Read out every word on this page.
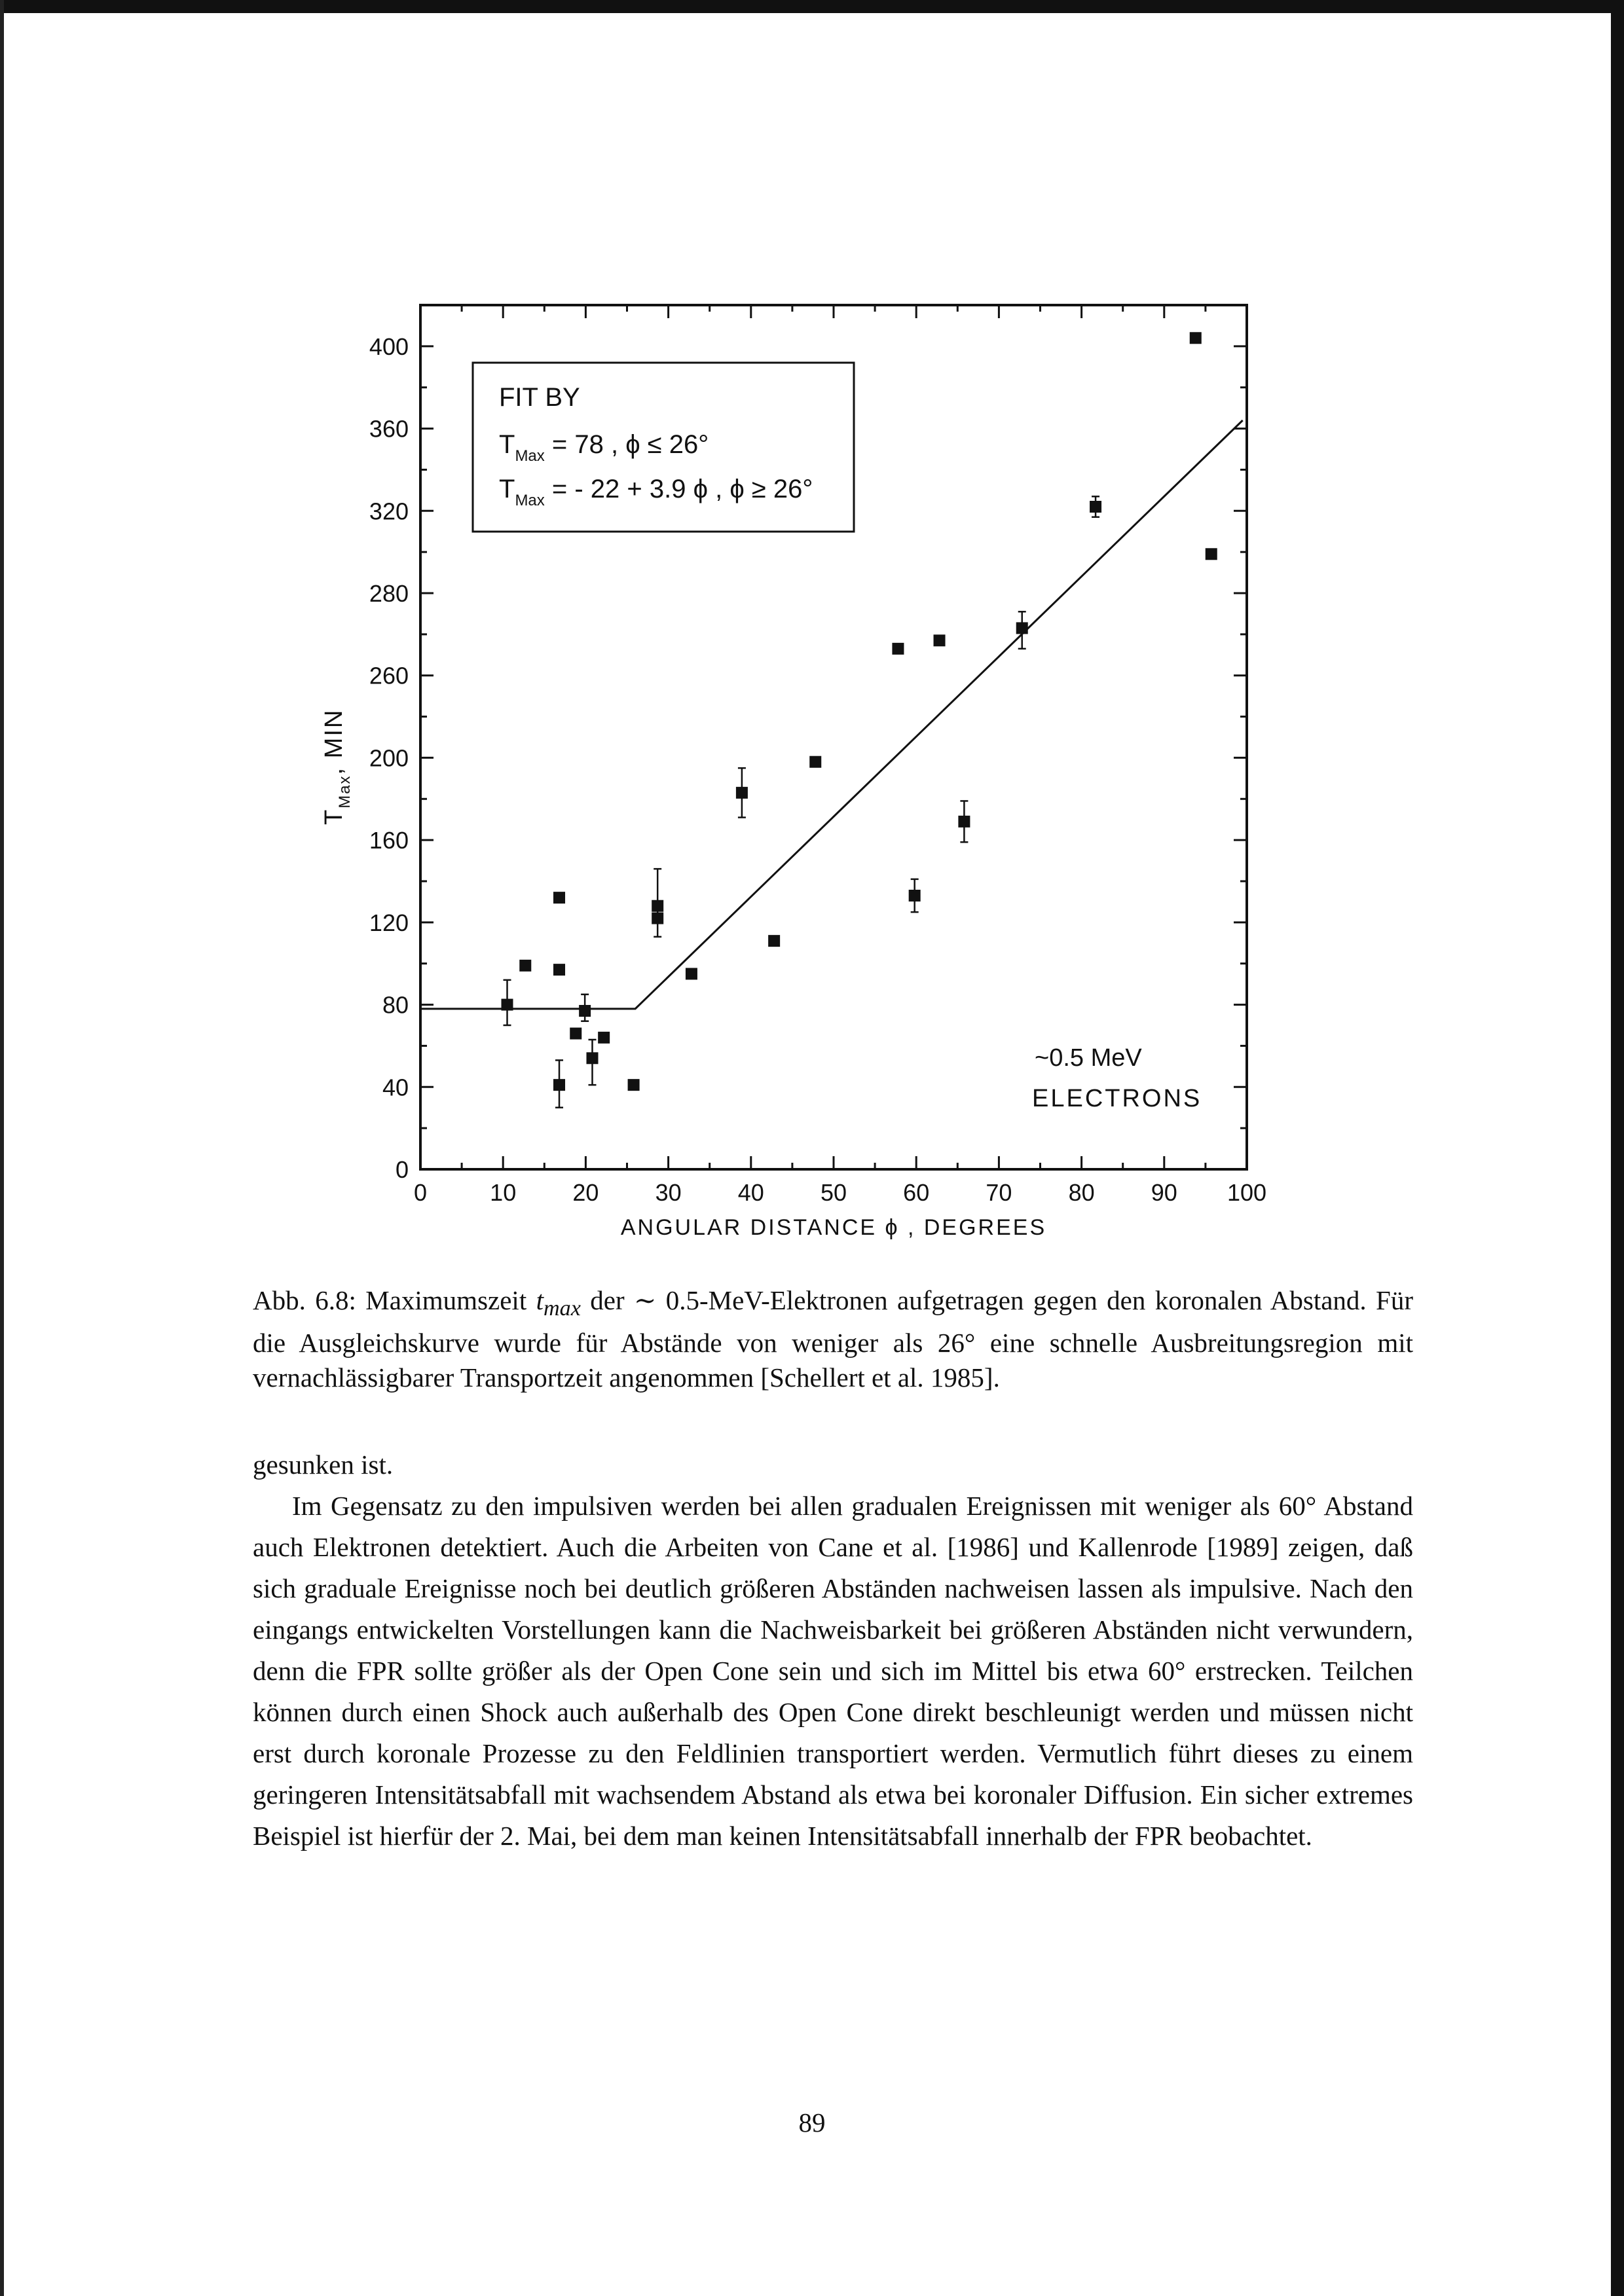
0	10 20 30 40 50 60 70 80 90 100
0
40
80
120
160
200
260
280
320
360
400
FIT BY
$T_{Max} = 78$ , ϕ ≤ 26°
$T_{Max}$ = - 22 + 3.9 ϕ , ϕ ≥ 26°
~0.5 MeV
ELECTRONS
ANGULAR DISTANCE ϕ , DEGREES
$T_{Max}$, MIN
Abb. 6.8: Maximumszeit $t_{max}$ der ∼ 0.5-MeV-Elektronen aufgetragen gegen den koronalen Abstand. Für die Ausgleichskurve wurde für Abstände von weniger als 26° eine schnelle Ausbreitungsregion mit vernachlässigbarer Transportzeit angenommen [Schellert et al. 1985].

gesunken ist.

Im Gegensatz zu den impulsiven werden bei allen gradualen Ereignissen mit weniger als 60° Abstand auch Elektronen detektiert. Auch die Arbeiten von Cane et al. [1986] und Kallenrode [1989] zeigen, daß sich graduale Ereignisse noch bei deutlich größeren Abständen nachweisen lassen als impulsive. Nach den eingangs entwickelten Vorstellungen kann die Nachweisbarkeit bei größeren Abständen nicht verwundern, denn die FPR sollte größer als der Open Cone sein und sich im Mittel bis etwa 60° erstrecken. Teilchen können durch einen Shock auch außerhalb des Open Cone direkt beschleunigt werden und müssen nicht erst durch koronale Prozesse zu den Feldlinien transportiert werden. Vermutlich führt dieses zu einem geringeren Intensitätsabfall mit wachsendem Abstand als etwa bei koronaler Diffusion. Ein sicher extremes Beispiel ist hierfür der 2. Mai, bei dem man keinen Intensitätsabfall innerhalb der FPR beobachtet.

89
